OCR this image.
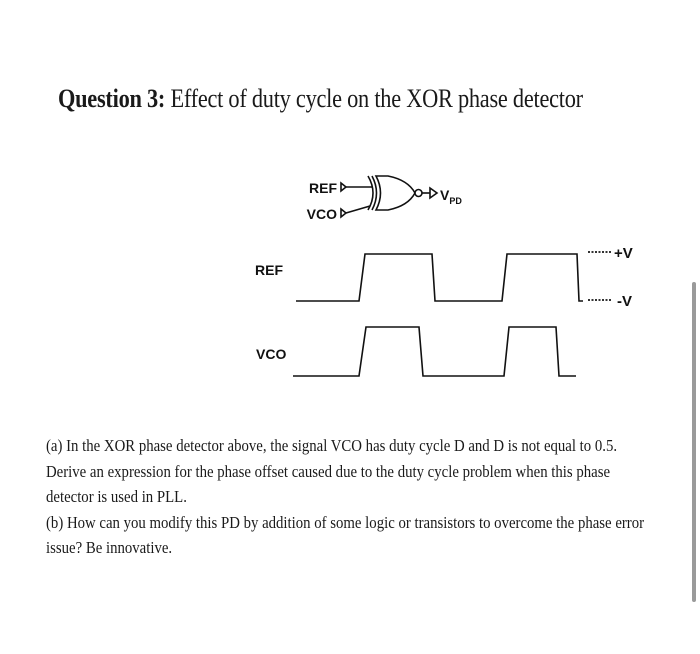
Question 3: Effect of duty cycle on the XOR phase detector
REF
VCO
$V_{PD}$
+V
-V
REF
VCO

(a) In the XOR phase detector above, the signal VCO has duty cycle D and D is not equal to 0.5. Derive an expression for the phase offset caused due to the duty cycle problem when this phase detector is used in PLL.

(b) How can you modify this PD by addition of some logic or transistors to overcome the phase error issue? Be innovative.
